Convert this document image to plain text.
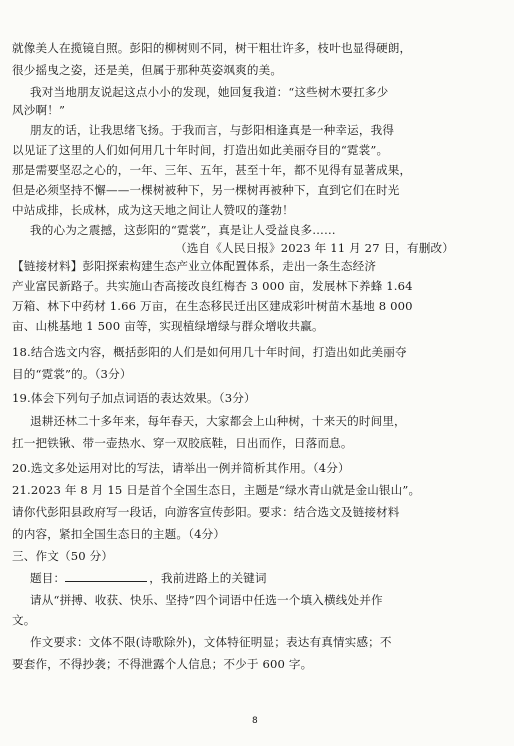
就像美人在揽镜自照。彭阳的柳树则不同，树干粗壮许多，枝叶也显得硬朗，
很少摇曳之姿，还是美，但属于那种英姿飒爽的美。
我对当地朋友说起这点小小的发现，她回复我道：“这些树木要扛多少
风沙啊！”
朋友的话，让我思绪飞扬。于我而言，与彭阳相逢真是一种幸运，我得
以见证了这里的人们如何用几十年时间，打造出如此美丽夺目的“霓裳”。
那是需要坚忍之心的，一年、三年、五年，甚至十年，都不见得有显著成果，
但是必须坚持不懈——一棵树被种下，另一棵树再被种下，直到它们在时光
中站成排，长成林，成为这天地之间让人赞叹的蓬勃！
我的心为之震撼，这彭阳的“霓裳”，真是让人受益良多……
（选自《人民日报》2023 年 11 月 27 日，有删改）
【链接材料】彭阳探索构建生态产业立体配置体系，走出一条生态经济
产业富民新路子。共实施山杏高接改良红梅杏 3 000 亩，发展林下养蜂 1.64
万箱、林下中药材 1.66 万亩，在生态移民迁出区建成彩叶树苗木基地 8 000
亩、山桃基地 1 500 亩等，实现植绿增绿与群众增收共赢。
18.结合选文内容，概括彭阳的人们是如何用几十年时间，打造出如此美丽夺
目的“霓裳”的。（3分）
19.体会下列句子加点词语的表达效果。（3分）
退耕还林二十多年来，每年春天，大家都会上山种树，十来天的时间里，
扛一把铁锹、带一壶热水、穿一双胶底鞋，日出而作，日落而息。
20.选文多处运用对比的写法，请举出一例并简析其作用。（4分）
21.2023 年 8 月 15 日是首个全国生态日，主题是“绿水青山就是金山银山”。
请你代彭阳县政府写一段话，向游客宣传彭阳。要求：结合选文及链接材料
的内容，紧扣全国生态日的主题。（4分）
三、作文（50 分）
题目：	，我前进路上的关键词
请从“拼搏、收获、快乐、坚持”四个词语中任选一个填入横线处并作
文。
作文要求：文体不限(诗歌除外)，文体特征明显；表达有真情实感；不
要套作，不得抄袭；不得泄露个人信息；不少于 600 字。
8
